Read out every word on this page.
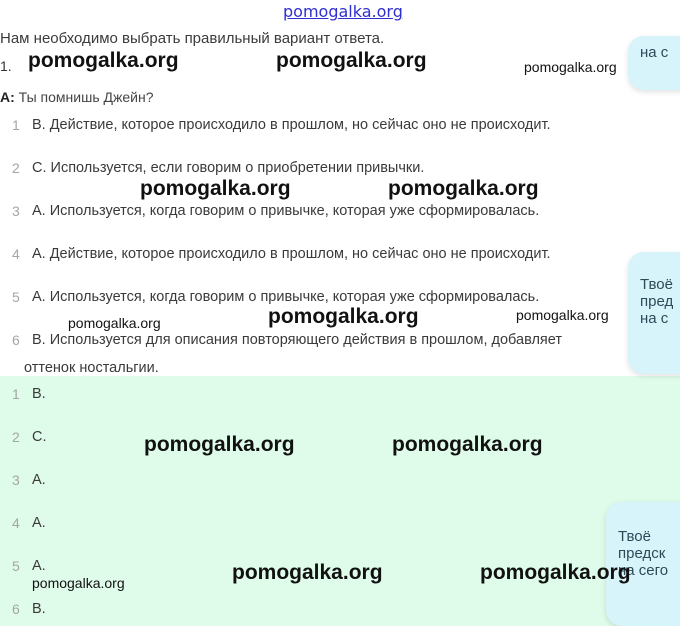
pomogalka.org
Нам необходимо выбрать правильный вариант ответа.
1.
A: Ты помнишь Джейн?
1 B. Действие, которое происходило в прошлом, но сейчас оно не происходит.
2 C. Используется, если говорим о приобретении привычки.
3 A. Используется, когда говорим о привычке, которая уже сформировалась.
4 A. Действие, которое происходило в прошлом, но сейчас оно не происходит.
5 A. Используется, когда говорим о привычке, которая уже сформировалась.
6 B. Используется для описания повторяющего действия в прошлом, добавляет
оттенок ностальгии.
1 B.
2 C.
3 A.
4 A.
5 A.
6 B.
на с
Твоё
пред
на с
Твоё
предск
на сего
pomogalka.org	pomogalka.org	pomogalka.org
pomogalka.org	pomogalka.org
pomogalka.org	pomogalka.org	pomogalka.org
pomogalka.org	pomogalka.org
pomogalka.org	pomogalka.org	pomogalka.org
